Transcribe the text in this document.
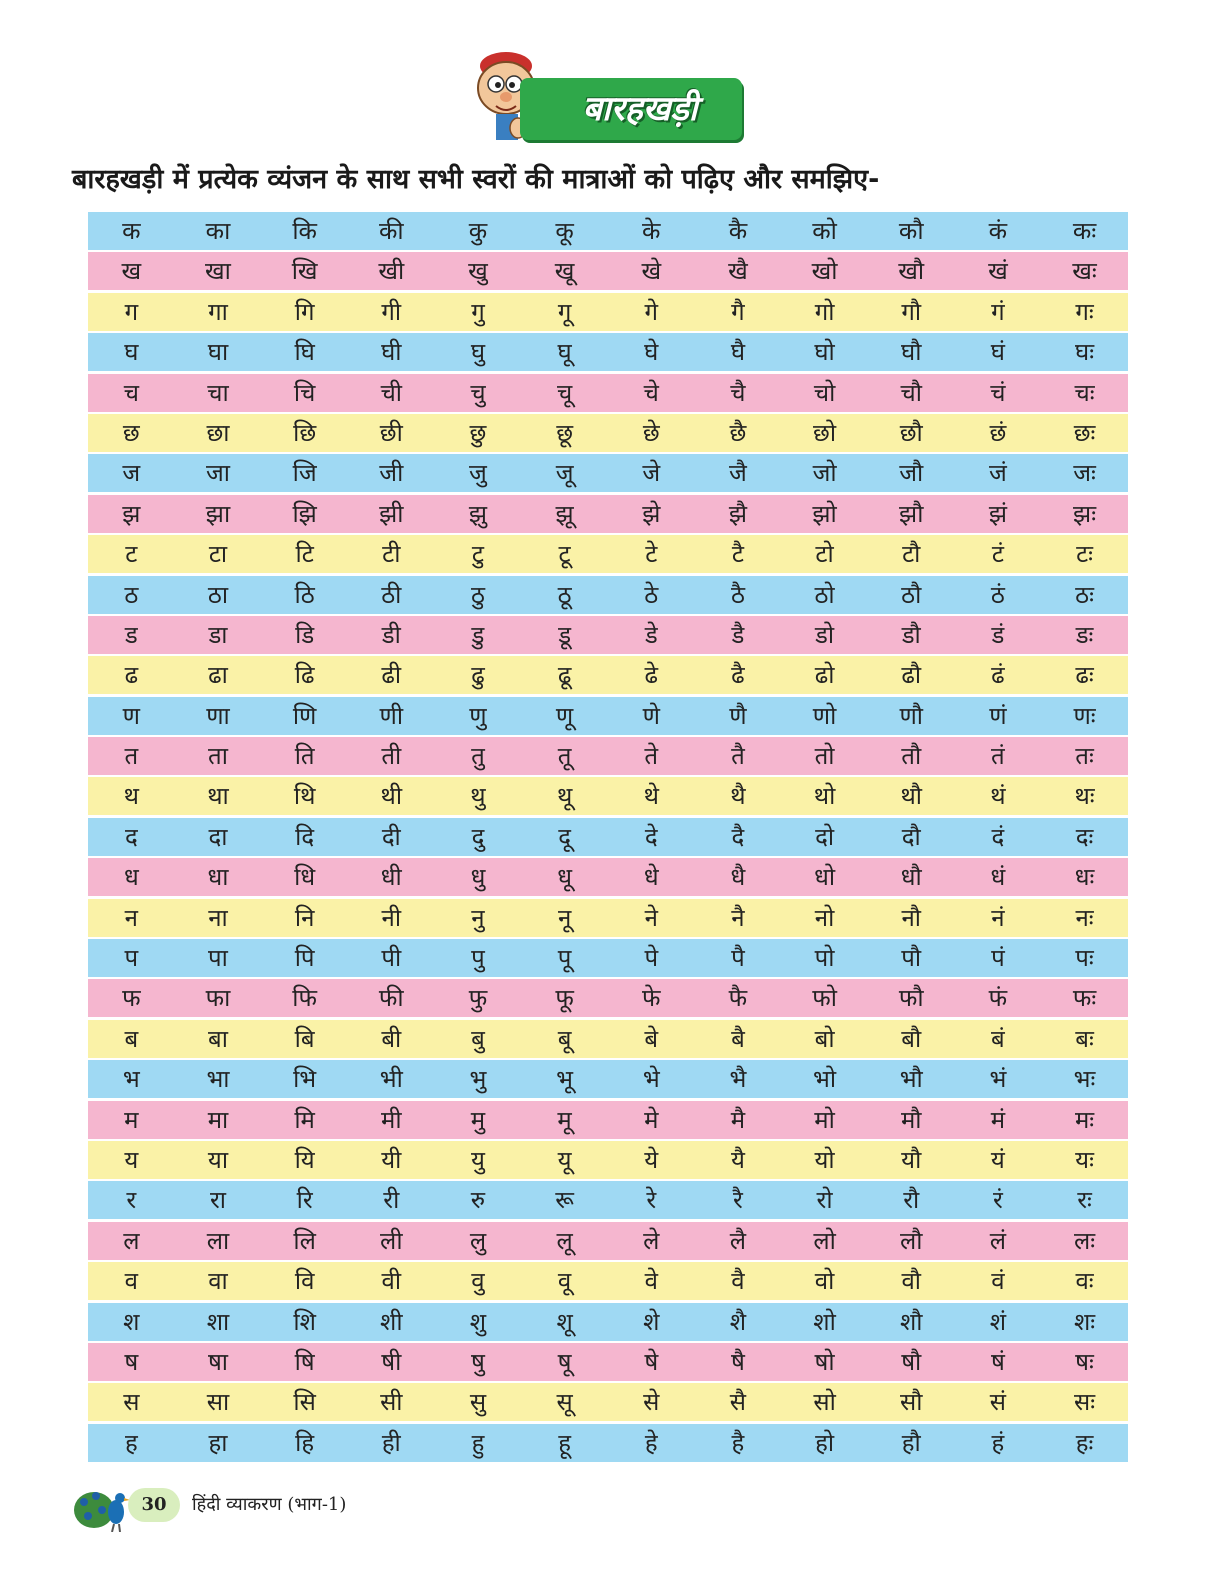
बारहखड़ी
बारहखड़ी में प्रत्येक व्यंजन के साथ सभी स्वरों की मात्राओं को पढ़िए और समझिए-
क	का	कि	की	कु	कू	के	कै	को	कौ	कं	कः
ख	खा	खि	खी	खु	खू	खे	खै	खो	खौ	खं	खः
ग	गा	गि	गी	गु	गू	गे	गै	गो	गौ	गं	गः
घ	घा	घि	घी	घु	घू	घे	घै	घो	घौ	घं	घः
च	चा	चि	ची	चु	चू	चे	चै	चो	चौ	चं	चः
छ	छा	छि	छी	छु	छू	छे	छै	छो	छौ	छं	छः
ज	जा	जि	जी	जु	जू	जे	जै	जो	जौ	जं	जः
झ	झा	झि	झी	झु	झू	झे	झै	झो	झौ	झं	झः
ट	टा	टि	टी	टु	टू	टे	टै	टो	टौ	टं	टः
ठ	ठा	ठि	ठी	ठु	ठू	ठे	ठै	ठो	ठौ	ठं	ठः
ड	डा	डि	डी	डु	डू	डे	डै	डो	डौ	डं	डः
ढ	ढा	ढि	ढी	ढु	ढू	ढे	ढै	ढो	ढौ	ढं	ढः
ण	णा	णि	णी	णु	णू	णे	णै	णो	णौ	णं	णः
त	ता	ति	ती	तु	तू	ते	तै	तो	तौ	तं	तः
थ	था	थि	थी	थु	थू	थे	थै	थो	थौ	थं	थः
द	दा	दि	दी	दु	दू	दे	दै	दो	दौ	दं	दः
ध	धा	धि	धी	धु	धू	धे	धै	धो	धौ	धं	धः
न	ना	नि	नी	नु	नू	ने	नै	नो	नौ	नं	नः
प	पा	पि	पी	पु	पू	पे	पै	पो	पौ	पं	पः
फ	फा	फि	फी	फु	फू	फे	फै	फो	फौ	फं	फः
ब	बा	बि	बी	बु	बू	बे	बै	बो	बौ	बं	बः
भ	भा	भि	भी	भु	भू	भे	भै	भो	भौ	भं	भः
म	मा	मि	मी	मु	मू	मे	मै	मो	मौ	मं	मः
य	या	यि	यी	यु	यू	ये	यै	यो	यौ	यं	यः
र	रा	रि	री	रु	रू	रे	रै	रो	रौ	रं	रः
ल	ला	लि	ली	लु	लू	ले	लै	लो	लौ	लं	लः
व	वा	वि	वी	वु	वू	वे	वै	वो	वौ	वं	वः
श	शा	शि	शी	शु	शू	शे	शै	शो	शौ	शं	शः
ष	षा	षि	षी	षु	षू	षे	षै	षो	षौ	षं	षः
स	सा	सि	सी	सु	सू	से	सै	सो	सौ	सं	सः
ह	हा	हि	ही	हु	हू	हे	है	हो	हौ	हं	हः
30	हिंदी व्याकरण (भाग-1)
